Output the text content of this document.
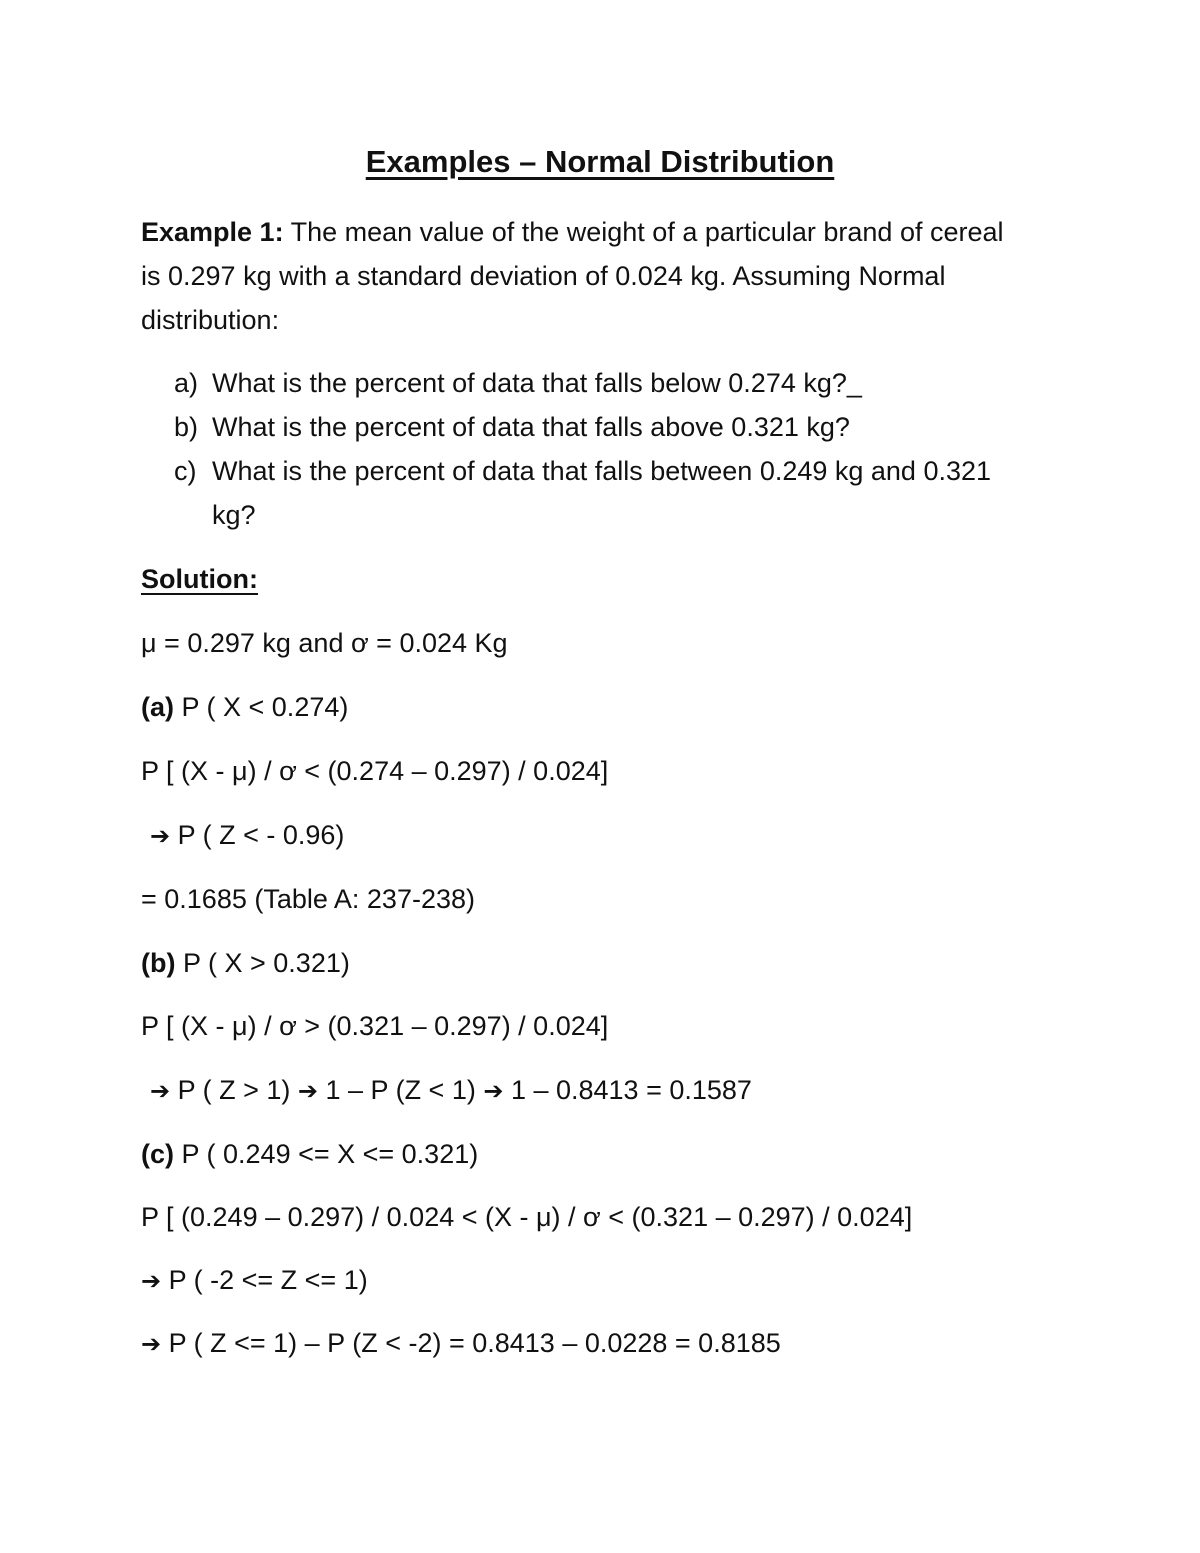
Examples – Normal Distribution
Example 1: The mean value of the weight of a particular brand of cereal
is 0.297 kg with a standard deviation of 0.024 kg. Assuming Normal
distribution:
a) What is the percent of data that falls below 0.274 kg?_
b) What is the percent of data that falls above 0.321 kg?
c) What is the percent of data that falls between 0.249 kg and 0.321
kg?
Solution:
μ = 0.297 kg and ơ = 0.024 Kg
(a) P ( X < 0.274)
P [ (X - μ) / ơ < (0.274 – 0.297) / 0.024]
➔ P ( Z < - 0.96)
= 0.1685 (Table A: 237-238)
(b) P ( X > 0.321)
P [ (X - μ) / ơ > (0.321 – 0.297) / 0.024]
➔ P ( Z > 1) ➔ 1 – P (Z < 1) ➔ 1 – 0.8413 = 0.1587
(c) P ( 0.249 <= X <= 0.321)
P [ (0.249 – 0.297) / 0.024 < (X - μ) / ơ < (0.321 – 0.297) / 0.024]
➔ P ( -2 <= Z <= 1)
➔ P ( Z <= 1) – P (Z < -2) = 0.8413 – 0.0228 = 0.8185
